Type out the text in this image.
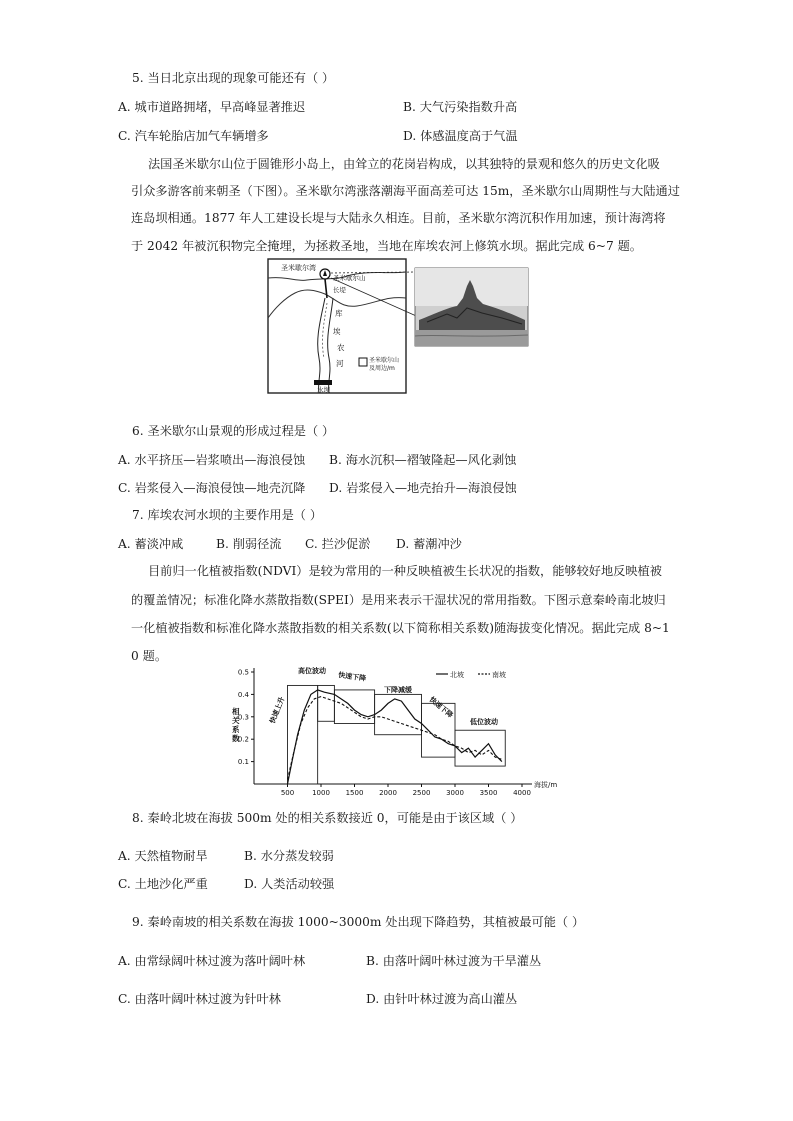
5. 当日北京出现的现象可能还有（ ）
A. 城市道路拥堵，早高峰显著推迟	B. 大气污染指数升高
C. 汽车轮胎店加气车辆增多	D. 体感温度高于气温
法国圣米歇尔山位于圆锥形小岛上，由耸立的花岗岩构成，以其独特的景观和悠久的历史文化吸
引众多游客前来朝圣（下图）。圣米歇尔湾涨落潮海平面高差可达 15m，圣米歇尔山周期性与大陆通过
连岛坝相通。1877 年人工建设长堤与大陆永久相连。目前，圣米歇尔湾沉积作用加速，预计海湾将
于 2042 年被沉积物完全掩埋，为拯救圣地，当地在库埃农河上修筑水坝。据此完成 6~7 题。
圣米歇尔湾
圣米歇尔山
长堤
库
埃
农
河
水坝
圣米歇尔山
及周边/m
6. 圣米歇尔山景观的形成过程是（ ）
A. 水平挤压—岩浆喷出—海浪侵蚀 B. 海水沉积—褶皱隆起—风化剥蚀
C. 岩浆侵入—海浪侵蚀—地壳沉降 D. 岩浆侵入—地壳抬升—海浪侵蚀
7. 库埃农河水坝的主要作用是（ ）
A. 蓄淡冲咸	B. 削弱径流 C. 拦沙促淤 D. 蓄潮冲沙
目前归一化植被指数(NDVI）是较为常用的一种反映植被生长状况的指数，能够较好地反映植被
的覆盖情况；标准化降水蒸散指数(SPEI）是用来表示干湿状况的常用指数。下图示意秦岭南北坡归
一化植被指数和标准化降水蒸散指数的相关系数(以下简称相关系数)随海拔变化情况。据此完成 8~1
0 题。
500	1000 1500 2000 2500 3000 3500 4000
0.1
0.2
0.3
0.4
0.5
海拔/m
相
关
系
数
北坡	南坡
高位波动
快速下降
下降减缓
快速上升	快速下降
低位波动
8. 秦岭北坡在海拔 500m 处的相关系数接近 0，可能是由于该区域（ ）
A. 天然植物耐旱	B. 水分蒸发较弱
C. 土地沙化严重	D. 人类活动较强
9. 秦岭南坡的相关系数在海拔 1000~3000m 处出现下降趋势，其植被最可能（ ）
A. 由常绿阔叶林过渡为落叶阔叶林	B. 由落叶阔叶林过渡为干旱灌丛
C. 由落叶阔叶林过渡为针叶林	D. 由针叶林过渡为高山灌丛
